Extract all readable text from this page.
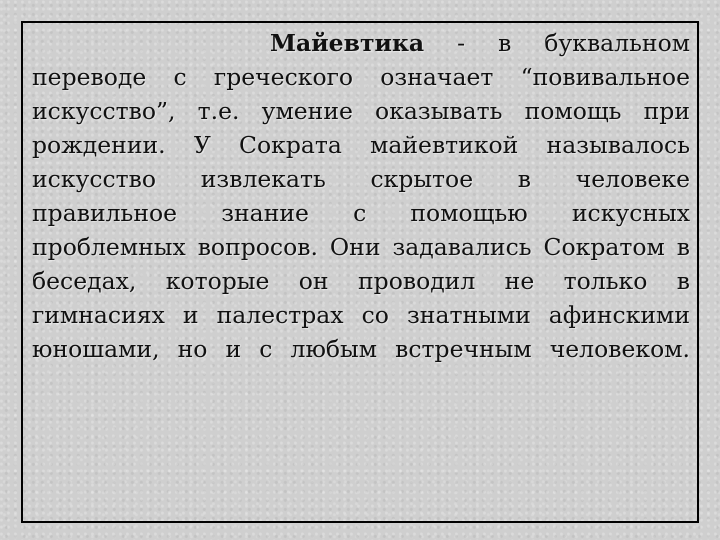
Майевтика - в буквальном переводе с греческого означает “повивальное искусство”, т.е. умение оказывать помощь при рождении. У Сократа майевтикой называлось искусство извлекать скрытое в человеке правильное знание с помощью искусных проблемных вопросов. Они задавались Сократом в беседах, которые он проводил не только в гимнасиях и палестрах со знатными афинскими юношами, но и с любым встречным человеком.
